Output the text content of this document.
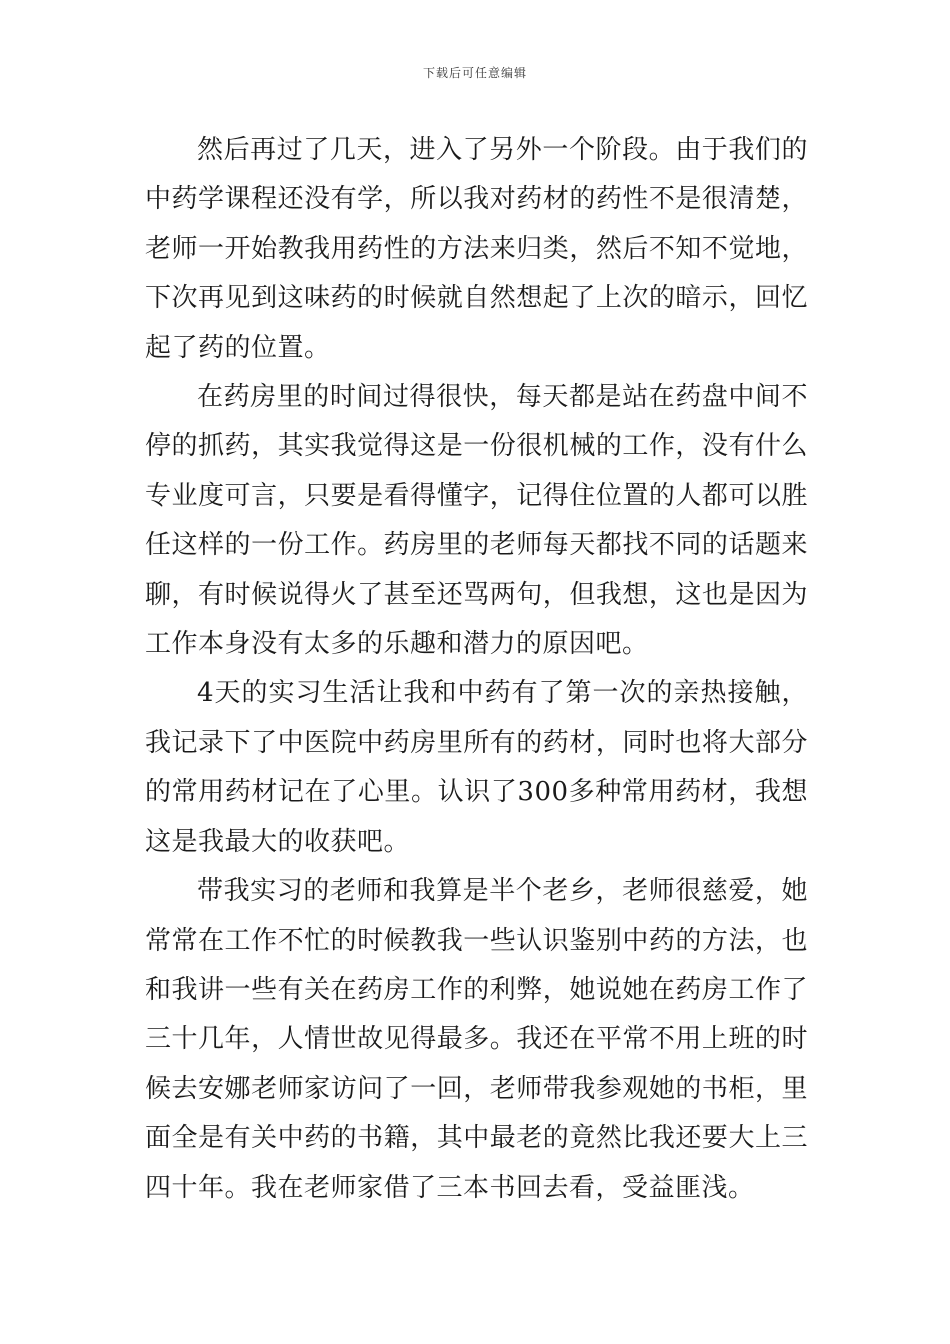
下载后可任意编辑

然后再过了几天，进入了另外一个阶段。由于我们的中药学课程还没有学，所以我对药材的药性不是很清楚，老师一开始教我用药性的方法来归类，然后不知不觉地，下次再见到这味药的时候就自然想起了上次的暗示，回忆起了药的位置。

在药房里的时间过得很快，每天都是站在药盘中间不停的抓药，其实我觉得这是一份很机械的工作，没有什么专业度可言，只要是看得懂字，记得住位置的人都可以胜任这样的一份工作。药房里的老师每天都找不同的话题来聊，有时候说得火了甚至还骂两句，但我想，这也是因为工作本身没有太多的乐趣和潜力的原因吧。

4天的实习生活让我和中药有了第一次的亲热接触，我记录下了中医院中药房里所有的药材，同时也将大部分的常用药材记在了心里。认识了300多种常用药材，我想这是我最大的收获吧。

带我实习的老师和我算是半个老乡，老师很慈爱，她常常在工作不忙的时候教我一些认识鉴别中药的方法，也和我讲一些有关在药房工作的利弊，她说她在药房工作了三十几年，人情世故见得最多。我还在平常不用上班的时候去安娜老师家访问了一回，老师带我参观她的书柜，里面全是有关中药的书籍，其中最老的竟然比我还要大上三四十年。我在老师家借了三本书回去看，受益匪浅。
